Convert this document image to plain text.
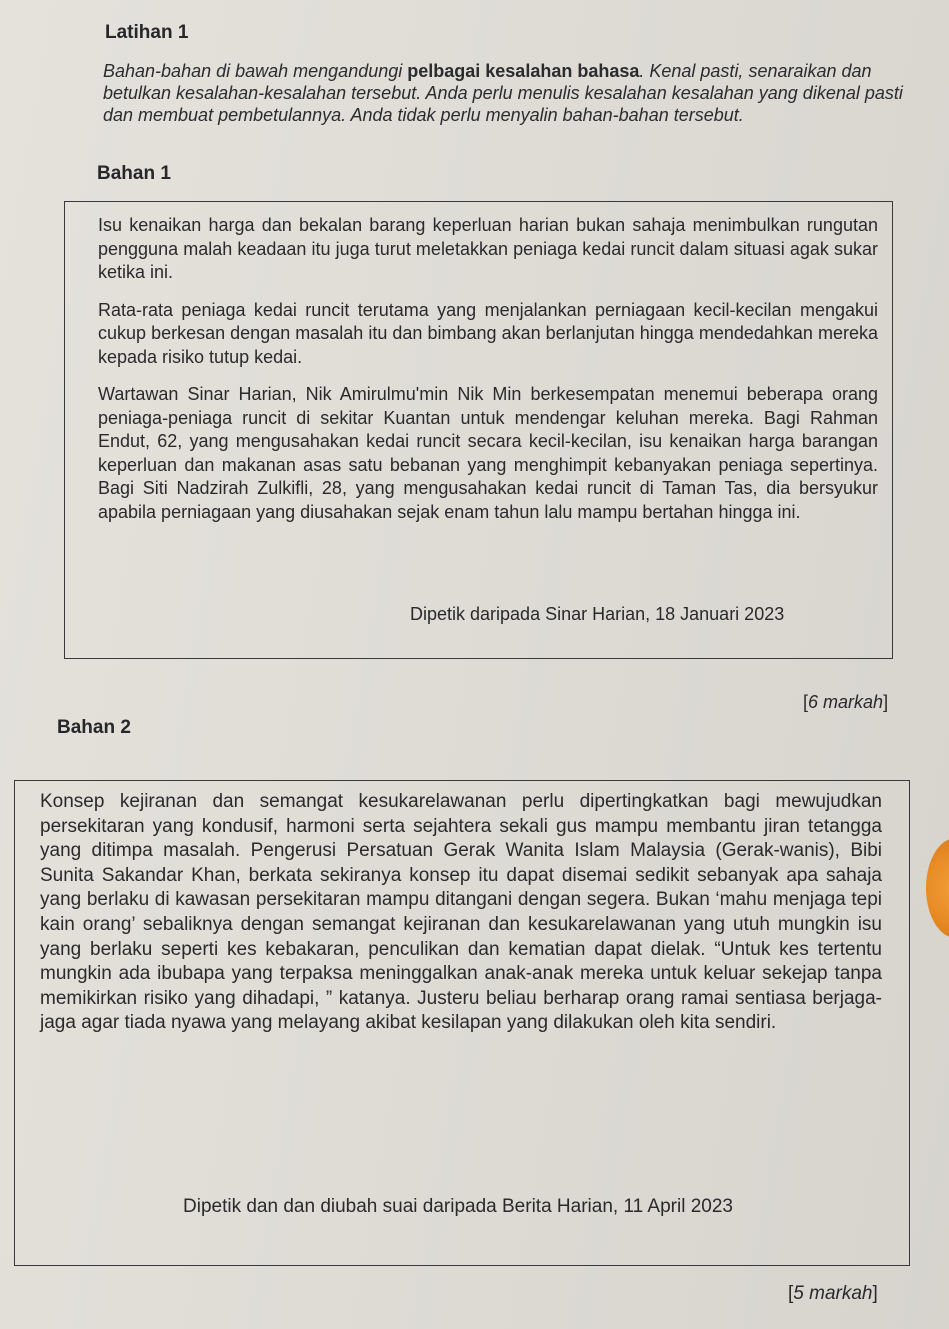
Latihan 1
Bahan-bahan di bawah mengandungi pelbagai kesalahan bahasa. Kenal pasti, senaraikan dan betulkan kesalahan-kesalahan tersebut. Anda perlu menulis kesalahan kesalahan yang dikenal pasti dan membuat pembetulannya. Anda tidak perlu menyalin bahan-bahan tersebut.
Bahan 1

Isu kenaikan harga dan bekalan barang keperluan harian bukan sahaja menimbulkan rungutan pengguna malah keadaan itu juga turut meletakkan peniaga kedai runcit dalam situasi agak sukar ketika ini.

Rata-rata peniaga kedai runcit terutama yang menjalankan perniagaan kecil-kecilan mengakui cukup berkesan dengan masalah itu dan bimbang akan berlanjutan hingga mendedahkan mereka kepada risiko tutup kedai.

Wartawan Sinar Harian, Nik Amirulmu'min Nik Min berkesempatan menemui beberapa orang peniaga-peniaga runcit di sekitar Kuantan untuk mendengar keluhan mereka. Bagi Rahman Endut, 62, yang mengusahakan kedai runcit secara kecil-kecilan, isu kenaikan harga barangan keperluan dan makanan asas satu bebanan yang menghimpit kebanyakan peniaga sepertinya. Bagi Siti Nadzirah Zulkifli, 28, yang mengusahakan kedai runcit di Taman Tas, dia bersyukur apabila perniagaan yang diusahakan sejak enam tahun lalu mampu bertahan hingga ini.

Dipetik daripada Sinar Harian, 18 Januari 2023
[6 markah]
Bahan 2

Konsep kejiranan dan semangat kesukarelawanan perlu dipertingkatkan bagi mewujudkan persekitaran yang kondusif, harmoni serta sejahtera sekali gus mampu membantu jiran tetangga yang ditimpa masalah. Pengerusi Persatuan Gerak Wanita Islam Malaysia (Gerak-wanis), Bibi Sunita Sakandar Khan, berkata sekiranya konsep itu dapat disemai sedikit sebanyak apa sahaja yang berlaku di kawasan persekitaran mampu ditangani dengan segera. Bukan ‘mahu menjaga tepi kain orang’ sebaliknya dengan semangat kejiranan dan kesukarelawanan yang utuh mungkin isu yang berlaku seperti kes kebakaran, penculikan dan kematian dapat dielak. “Untuk kes tertentu mungkin ada ibubapa yang terpaksa meninggalkan anak-anak mereka untuk keluar sekejap tanpa memikirkan risiko yang dihadapi, ” katanya. Justeru beliau berharap orang ramai sentiasa berjaga-jaga agar tiada nyawa yang melayang akibat kesilapan yang dilakukan oleh kita sendiri.

Dipetik dan dan diubah suai daripada Berita Harian, 11 April 2023
[5 markah]
